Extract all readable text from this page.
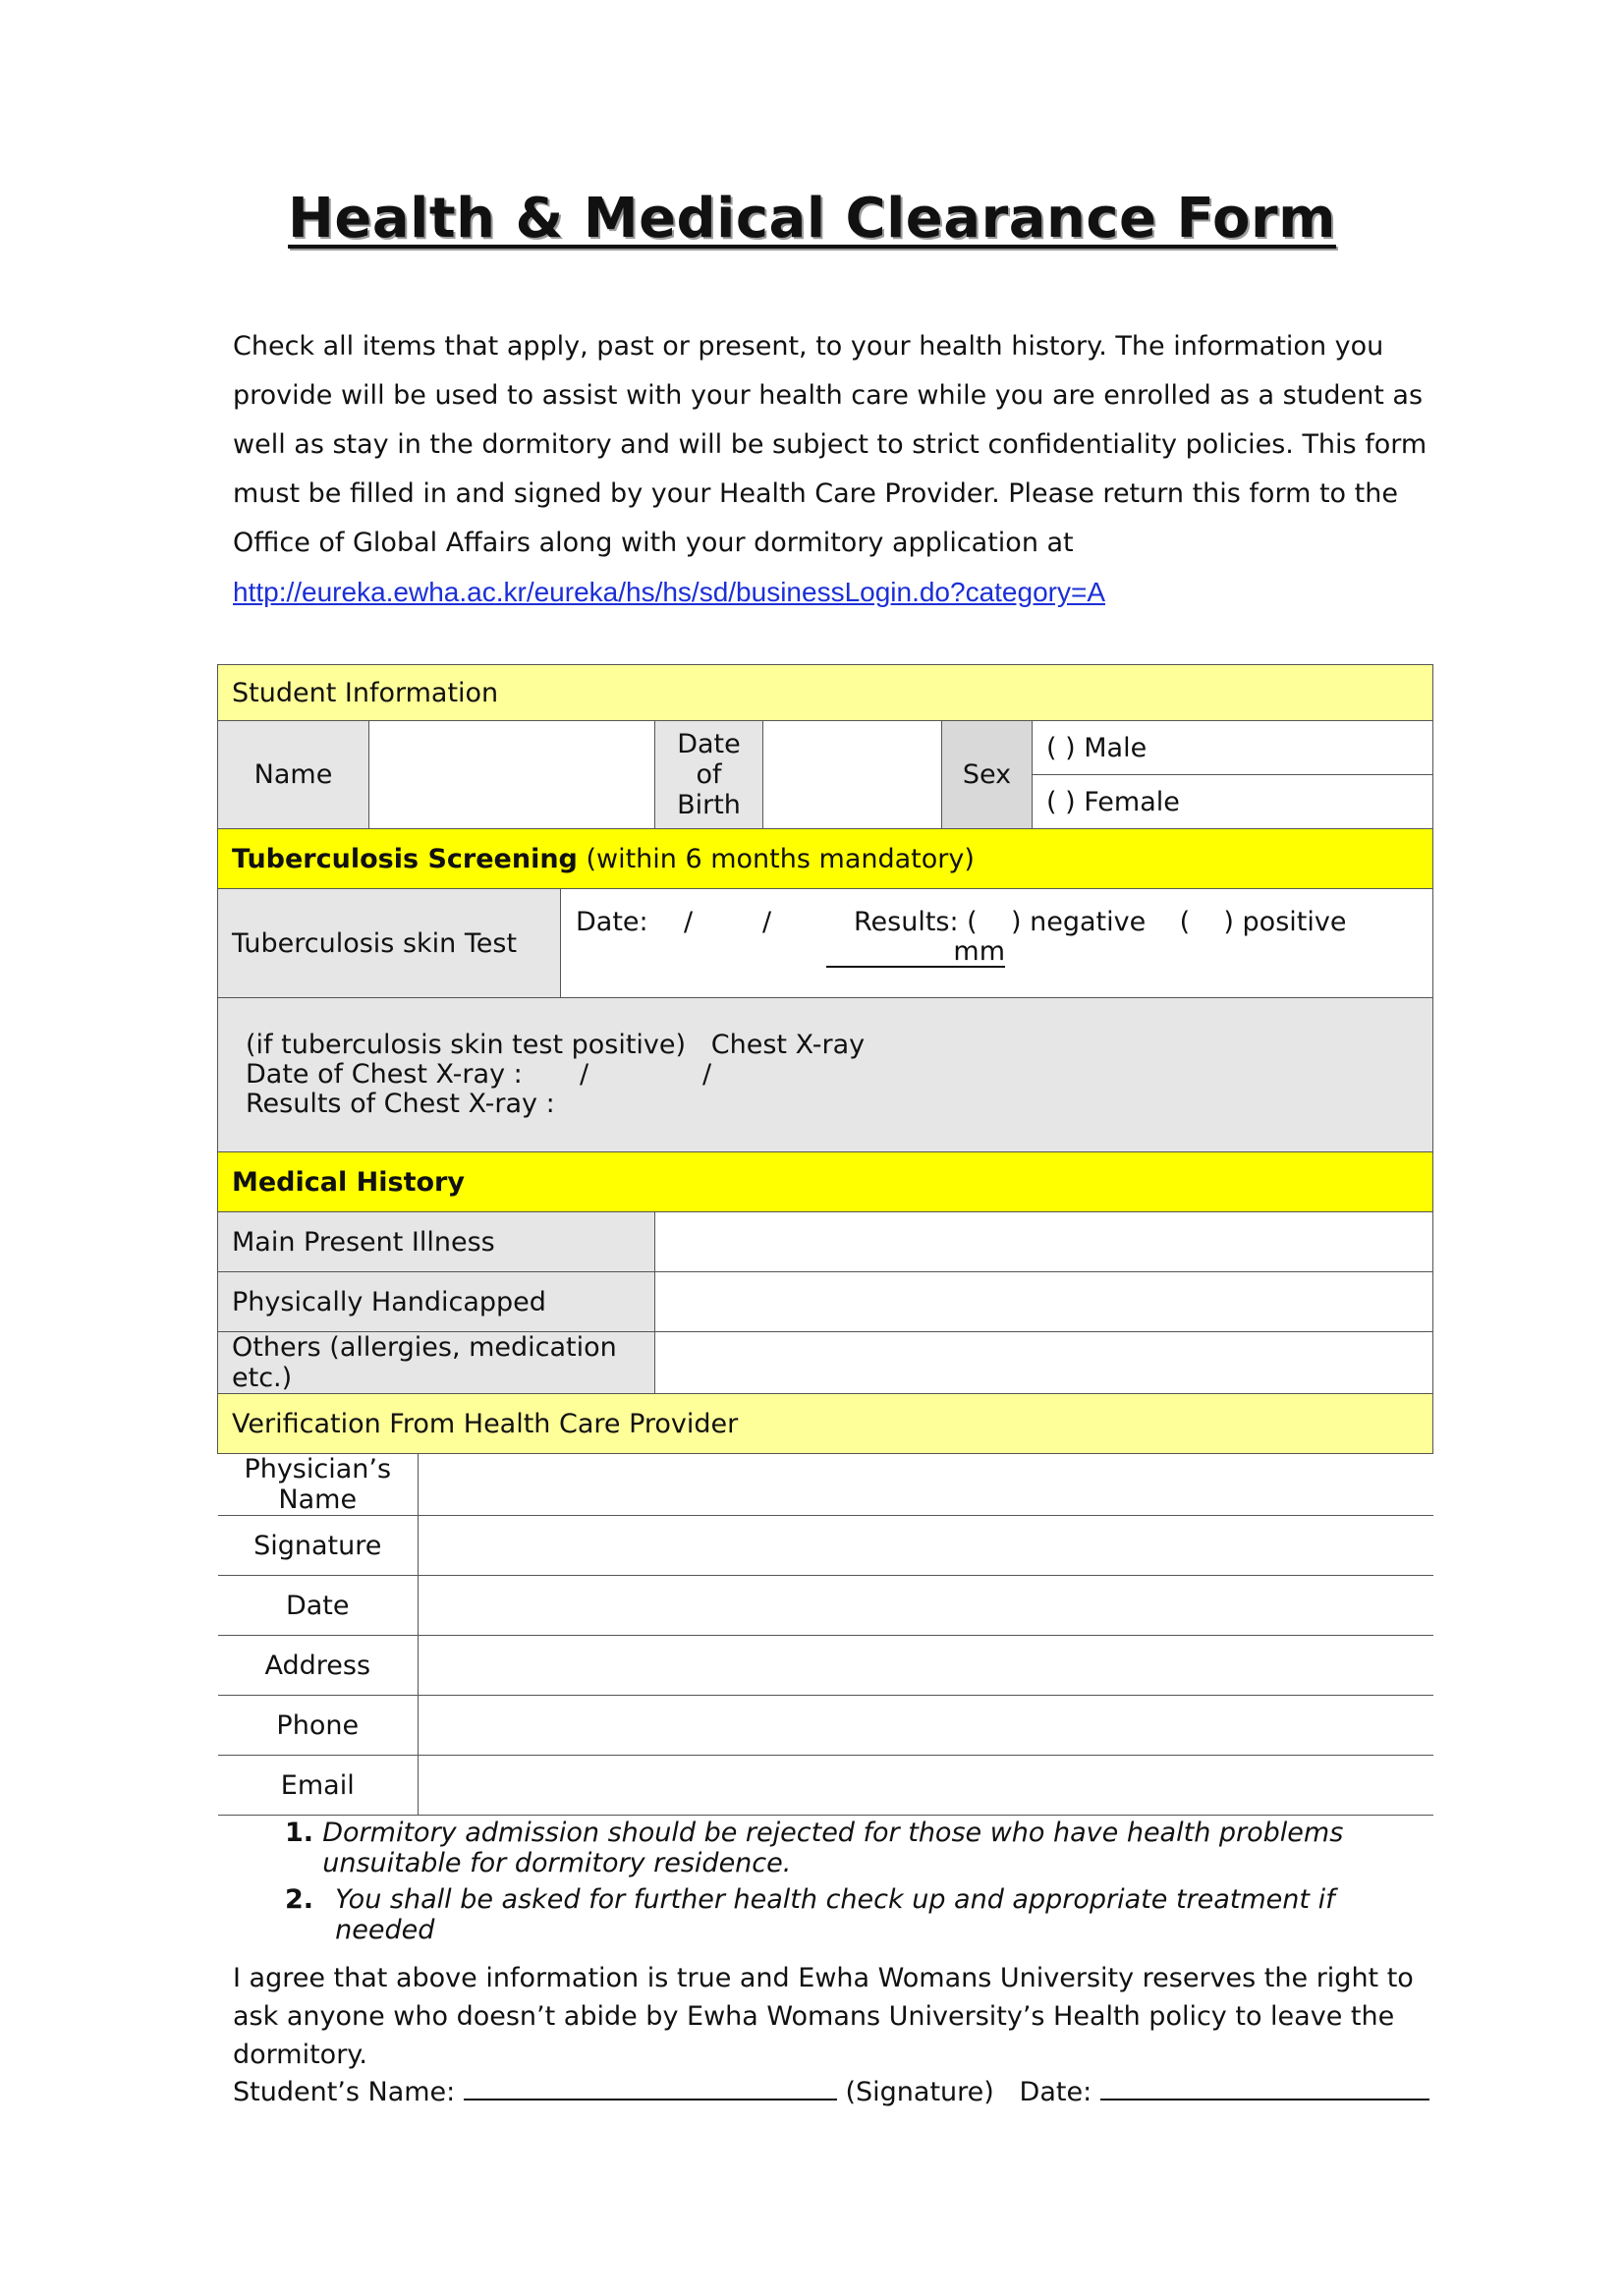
Health & Medical Clearance Form

Check all items that apply, past or present, to your health history. The information you provide will be used to assist with your health care while you are enrolled as a student as well as stay in the dormitory and will be subject to strict confidentiality policies. This form must be filled in and signed by your Health Care Provider. Please return this form to the Office of Global Affairs along with your dormitory application at

http://eureka.ewha.ac.kr/eureka/hs/hs/sd/businessLogin.do?category=A
Student Information							
Name				Date of Birth		Sex	( ) Male
							( ) Female
Tuberculosis Screening (within 6 months mandatory)							
Tuberculosis skin Test			Date: / / Results: (    ) negative    (    ) positive
mm				

(if tuberculosis skin test positive)   Chest X-ray
Date of Chest X-ray : / /
Results of Chest X-ray :							

Medical History							
Main Present Illness							
Physically Handicapped							
Others (allergies, medication etc.)							
Verification From Health Care Provider							
Physician’s Name							
Signature							
Date							
Address							
Phone							
Email							
1. Dormitory admission should be rejected for those who have health problems unsuitable for dormitory residence.
2. You shall be asked for further health check up and appropriate treatment if needed
I agree that above information is true and Ewha Womans University reserves the right to ask anyone who doesn’t abide by Ewha Womans University’s Health policy to leave the dormitory.
Student’s Name:	(Signature) Date:
